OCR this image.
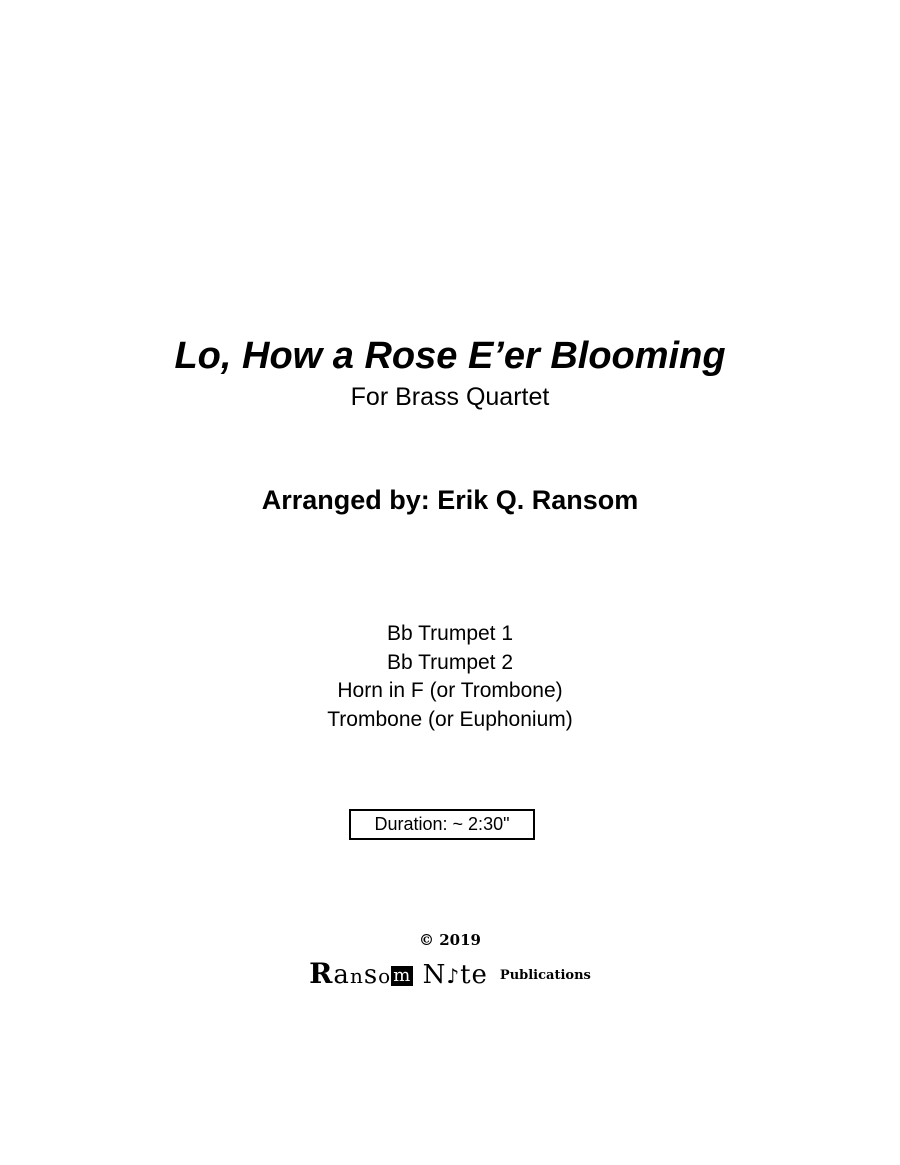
Lo, How a Rose E’er Blooming
For Brass Quartet
Arranged by: Erik Q. Ransom
Bb Trumpet 1
Bb Trumpet 2
Horn in F (or Trombone)
Trombone (or Euphonium)
Duration: ~ 2:30"
© 2019
Ranso m N♪te $^{Publications}$
